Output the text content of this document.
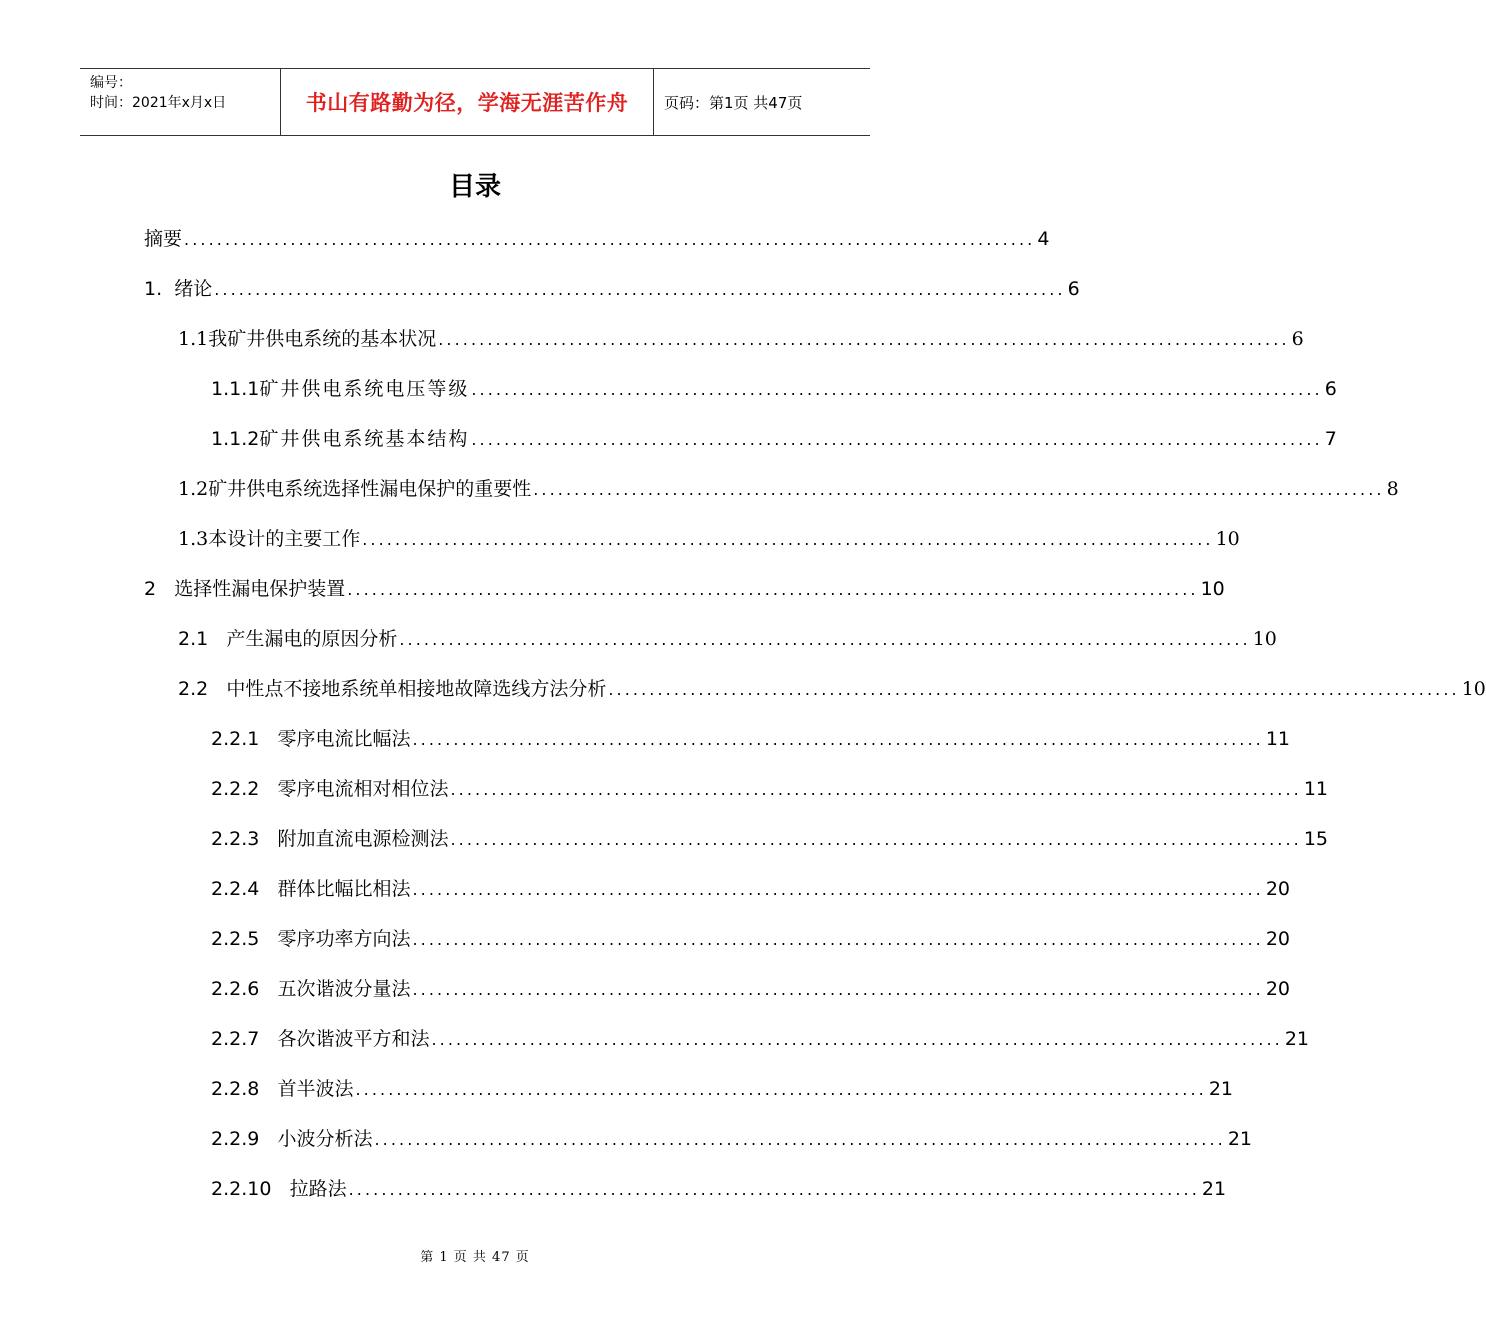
编号：
时间：2021年x月x日	书山有路勤为径，学海无涯苦作舟 页码：第1页 共47页
目录
摘要 ........................................................................................................ 4
1. 绪论 ........................................................................................................ 6
1.1 我矿井供电系统的基本状况 ........................................................................................................ 6
1.1.1 矿井供电系统电压等级 ........................................................................................................ 6
1.1.2 矿井供电系统基本结构 ........................................................................................................ 7
1.2 矿井供电系统选择性漏电保护的重要性 ........................................................................................................ 8
1.3 本设计的主要工作 ........................................................................................................ 10
2 选择性漏电保护装置 ........................................................................................................ 10
2.1 产生漏电的原因分析 ........................................................................................................ 10
2.2 中性点不接地系统单相接地故障选线方法分析 ........................................................................................................ 10
2.2.1 零序电流比幅法 ........................................................................................................ 11
2.2.2 零序电流相对相位法 ........................................................................................................ 11
2.2.3 附加直流电源检测法 ........................................................................................................ 15
2.2.4 群体比幅比相法 ........................................................................................................ 20
2.2.5 零序功率方向法 ........................................................................................................ 20
2.2.6 五次谐波分量法 ........................................................................................................ 20
2.2.7 各次谐波平方和法 ........................................................................................................ 21
2.2.8 首半波法 ........................................................................................................ 21
2.2.9 小波分析法 ........................................................................................................ 21
2.2.10 拉路法 ........................................................................................................ 21
第 1 页 共 47 页
